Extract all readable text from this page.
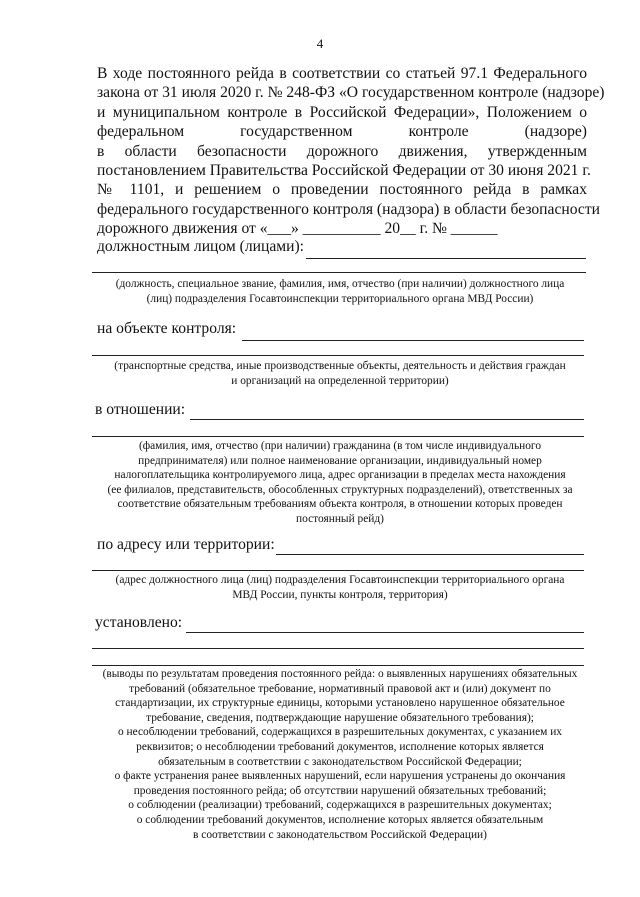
4
В ходе постоянного рейда в соответствии со статьей 97.1 Федерального
закона от 31 июля 2020 г. № 248-ФЗ «О государственном контроле (надзоре)
и муниципальном контроле в Российской Федерации», Положением о
федеральном государственном контроле (надзоре)
в области безопасности дорожного движения, утвержденным
постановлением Правительства Российской Федерации от 30 июня 2021 г.
№ 1101, и решением о проведении постоянного рейда в рамках
федерального государственного контроля (надзора) в области безопасности
дорожного движения от «___» __________ 20__ г. № ______
должностным лицом (лицами):
(должность, специальное звание, фамилия, имя, отчество (при наличии) должностного лица
(лиц) подразделения Госавтоинспекции территориального органа МВД России)
на объекте контроля:
(транспортные средства, иные производственные объекты, деятельность и действия граждан
и организаций на определенной территории)
в отношении:
(фамилия, имя, отчество (при наличии) гражданина (в том числе индивидуального
предпринимателя) или полное наименование организации, индивидуальный номер
налогоплательщика контролируемого лица, адрес организации в пределах места нахождения
(ее филиалов, представительств, обособленных структурных подразделений), ответственных за
соответствие обязательным требованиям объекта контроля, в отношении которых проведен
постоянный рейд)
по адресу или территории:
(адрес должностного лица (лиц) подразделения Госавтоинспекции территориального органа
МВД России, пункты контроля, территория)
установлено:
(выводы по результатам проведения постоянного рейда: о выявленных нарушениях обязательных
требований (обязательное требование, нормативный правовой акт и (или) документ по
стандартизации, их структурные единицы, которыми установлено нарушенное обязательное
требование, сведения, подтверждающие нарушение обязательного требования);
о несоблюдении требований, содержащихся в разрешительных документах, с указанием их
реквизитов; о несоблюдении требований документов, исполнение которых является
обязательным в соответствии с законодательством Российской Федерации;
о факте устранения ранее выявленных нарушений, если нарушения устранены до окончания
проведения постоянного рейда; об отсутствии нарушений обязательных требований;
о соблюдении (реализации) требований, содержащихся в разрешительных документах;
о соблюдении требований документов, исполнение которых является обязательным
в соответствии с законодательством Российской Федерации)
